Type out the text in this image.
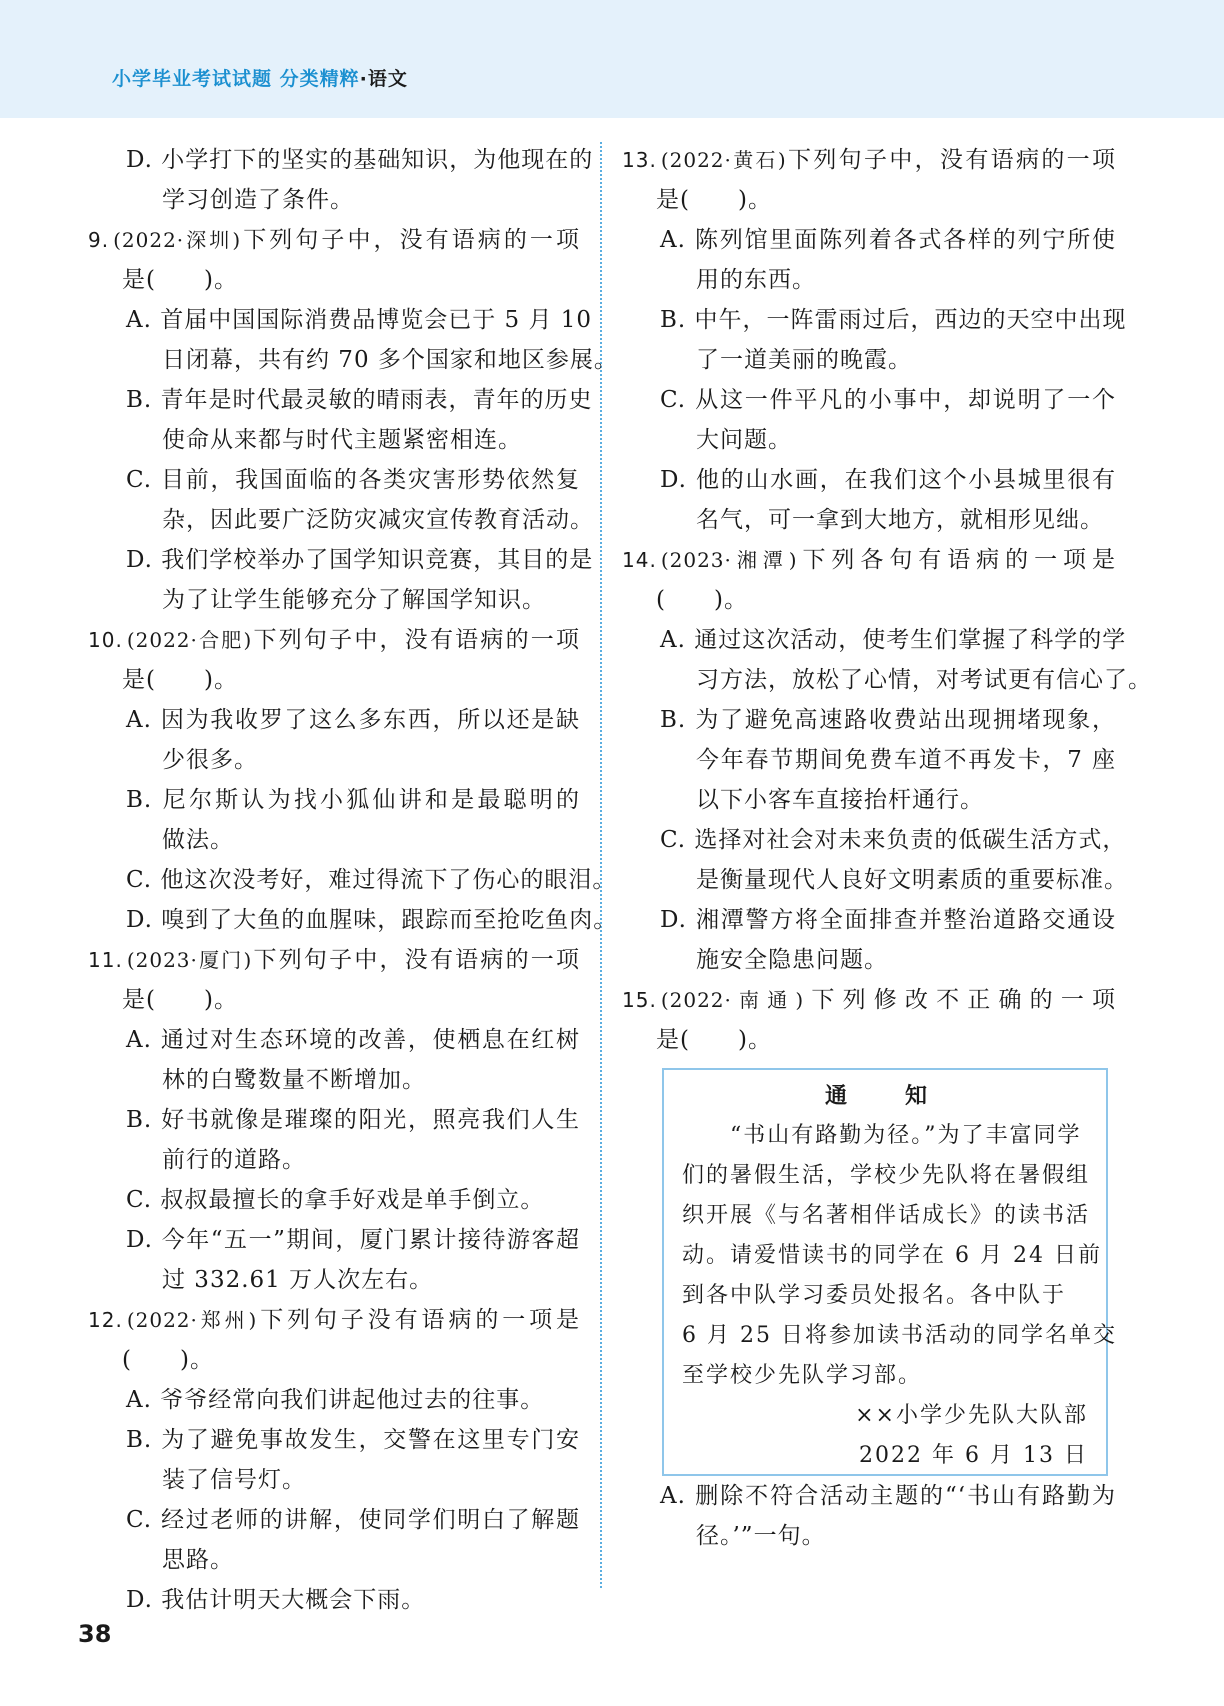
小学毕业考试试题 分类精粹·语文
D. 小学打下的坚实的基础知识，为他现在的
学习创造了条件。
9. (2022·深圳)下列句子中，没有语病的一项
是(　　)。
A. 首届中国国际消费品博览会已于 5 月 10
日闭幕，共有约 70 多个国家和地区参展。
B. 青年是时代最灵敏的晴雨表，青年的历史
使命从来都与时代主题紧密相连。
C. 目前，我国面临的各类灾害形势依然复
杂，因此要广泛防灾减灾宣传教育活动。
D. 我们学校举办了国学知识竞赛，其目的是
为了让学生能够充分了解国学知识。
10. (2022·合肥)下列句子中，没有语病的一项
是(　　)。
A. 因为我收罗了这么多东西，所以还是缺
少很多。
B. 尼尔斯认为找小狐仙讲和是最聪明的
做法。
C. 他这次没考好，难过得流下了伤心的眼泪。
D. 嗅到了大鱼的血腥味，跟踪而至抢吃鱼肉。
11. (2023·厦门)下列句子中，没有语病的一项
是(　　)。
A. 通过对生态环境的改善，使栖息在红树
林的白鹭数量不断增加。
B. 好书就像是璀璨的阳光，照亮我们人生
前行的道路。
C. 叔叔最擅长的拿手好戏是单手倒立。
D. 今年“五一”期间，厦门累计接待游客超
过 332.61 万人次左右。
12. (2022·郑州)下列句子没有语病的一项是
(　　)。
A. 爷爷经常向我们讲起他过去的往事。
B. 为了避免事故发生，交警在这里专门安
装了信号灯。
C. 经过老师的讲解，使同学们明白了解题
思路。
D. 我估计明天大概会下雨。
13. (2022·黄石)下列句子中，没有语病的一项
是(　　)。
A. 陈列馆里面陈列着各式各样的列宁所使
用的东西。
B. 中午，一阵雷雨过后，西边的天空中出现
了一道美丽的晚霞。
C. 从这一件平凡的小事中，却说明了一个
大问题。
D. 他的山水画，在我们这个小县城里很有
名气，可一拿到大地方，就相形见绌。
14. (2023·湘潭)下列各句有语病的一项是
(　　)。
A. 通过这次活动，使考生们掌握了科学的学
习方法，放松了心情，对考试更有信心了。
B. 为了避免高速路收费站出现拥堵现象，
今年春节期间免费车道不再发卡，7 座
以下小客车直接抬杆通行。
C. 选择对社会对未来负责的低碳生活方式，
是衡量现代人良好文明素质的重要标准。
D. 湘潭警方将全面排查并整治道路交通设
施安全隐患问题。
15. (2022·南通)下列修改不正确的一项
是(　　)。
通　知
“书山有路勤为径。”为了丰富同学
们的暑假生活，学校少先队将在暑假组
织开展《与名著相伴话成长》的读书活
动。请爱惜读书的同学在 6 月 24 日前
到各中队学习委员处报名。各中队于
6 月 25 日将参加读书活动的同学名单交
至学校少先队学习部。
××小学少先队大队部
2022 年 6 月 13 日
A. 删除不符合活动主题的“‘书山有路勤为
径。’”一句。
38
